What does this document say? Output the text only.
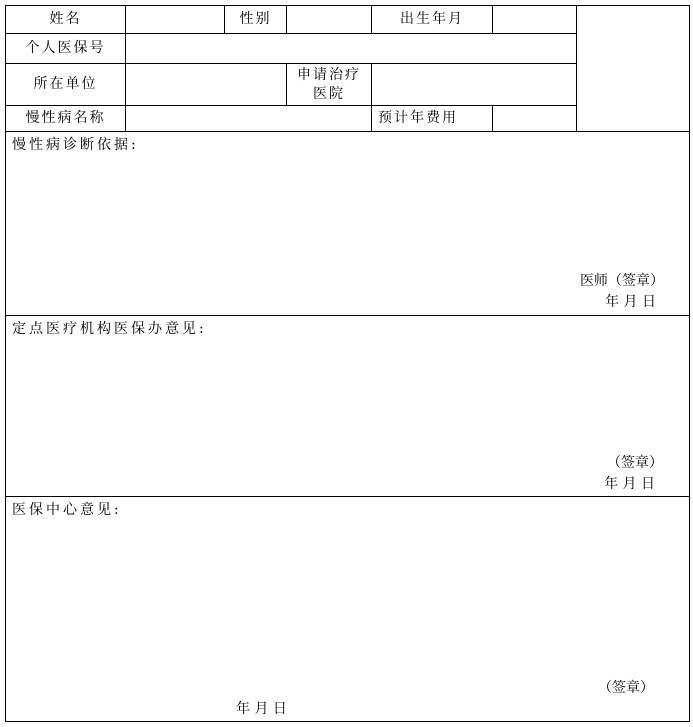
姓名		性别		出生年月		
个人医保号						
所在单位			申请治疗
医院			
慢性病名称				预计年费用		

慢性病诊断依据:
医师（签章）
年 月 日						

定点医疗机构医保办意见:
（签章）
年 月 日						

医保中心意见:
（签章）
年 月 日						
